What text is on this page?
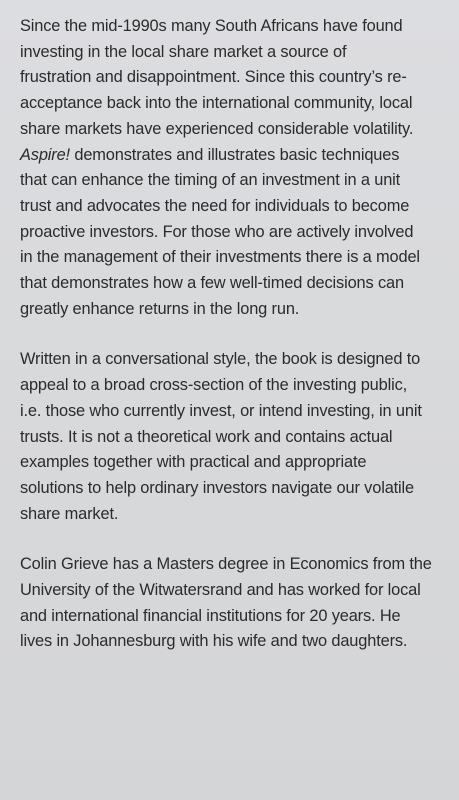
Since the mid-1990s many South Africans have found
investing in the local share market a source of
frustration and disappointment. Since this country’s re-
acceptance back into the international community, local
share markets have experienced considerable volatility.
Aspire! demonstrates and illustrates basic techniques
that can enhance the timing of an investment in a unit
trust and advocates the need for individuals to become
proactive investors. For those who are actively involved
in the management of their investments there is a model
that demonstrates how a few well-timed decisions can
greatly enhance returns in the long run.

Written in a conversational style, the book is designed to
appeal to a broad cross-section of the investing public,
i.e. those who currently invest, or intend investing, in unit
trusts. It is not a theoretical work and contains actual
examples together with practical and appropriate
solutions to help ordinary investors navigate our volatile
share market.

Colin Grieve has a Masters degree in Economics from the
University of the Witwatersrand and has worked for local
and international financial institutions for 20 years. He
lives in Johannesburg with his wife and two daughters.
